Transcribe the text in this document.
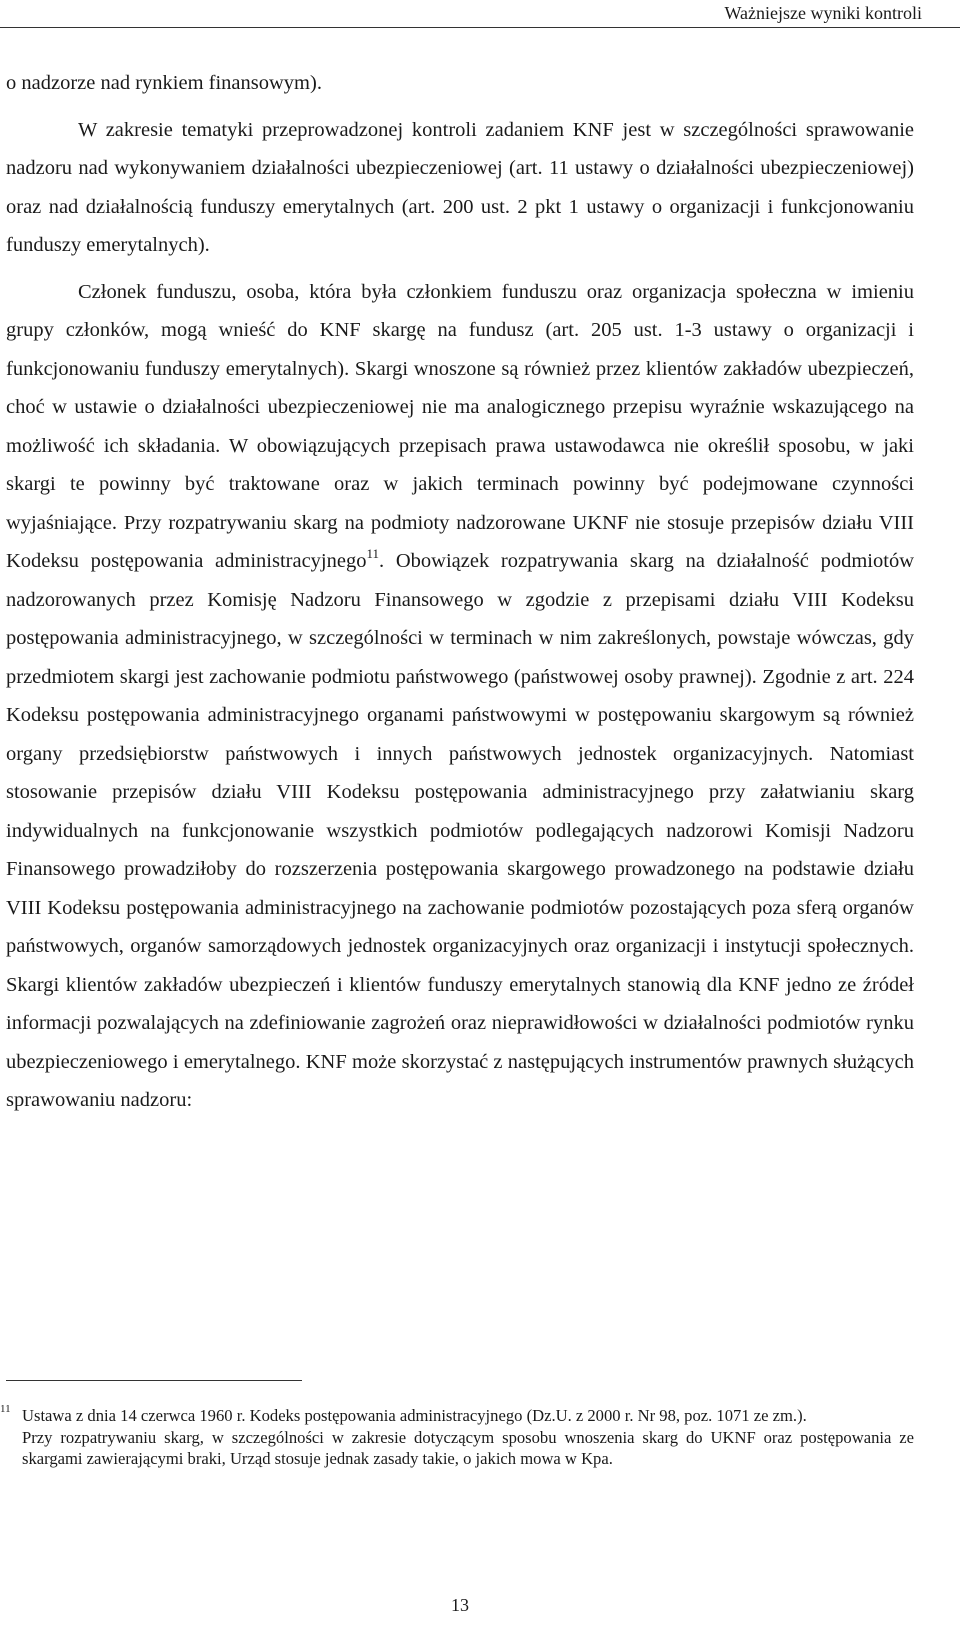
Ważniejsze wyniki kontroli

o nadzorze nad rynkiem finansowym).

W zakresie tematyki przeprowadzonej kontroli zadaniem KNF jest w szczególności sprawowanie nadzoru nad wykonywaniem działalności ubezpieczeniowej (art. 11 ustawy o działalności ubezpieczeniowej) oraz nad działalnością funduszy emerytalnych (art. 200 ust. 2 pkt 1 ustawy o organizacji i funkcjonowaniu funduszy emerytalnych).

Członek funduszu, osoba, która była członkiem funduszu oraz organizacja społeczna w imieniu grupy członków, mogą wnieść do KNF skargę na fundusz (art. 205 ust. 1-3 ustawy o organizacji i funkcjonowaniu funduszy emerytalnych). Skargi wnoszone są również przez klientów zakładów ubezpieczeń, choć w ustawie o działalności ubezpieczeniowej nie ma analogicznego przepisu wyraźnie wskazującego na możliwość ich składania. W obowiązujących przepisach prawa ustawodawca nie określił sposobu, w jaki skargi te powinny być traktowane oraz w jakich terminach powinny być podejmowane czynności wyjaśniające. Przy rozpatrywaniu skarg na podmioty nadzorowane UKNF nie stosuje przepisów działu VIII Kodeksu postępowania administracyjnego$^{11}$. Obowiązek rozpatrywania skarg na działalność podmiotów nadzorowanych przez Komisję Nadzoru Finansowego w zgodzie z przepisami działu VIII Kodeksu postępowania administracyjnego, w szczególności w terminach w nim zakreślonych, powstaje wówczas, gdy przedmiotem skargi jest zachowanie podmiotu państwowego (państwowej osoby prawnej). Zgodnie z art. 224 Kodeksu postępowania administracyjnego organami państwowymi w postępowaniu skargowym są również organy przedsiębiorstw państwowych i innych państwowych jednostek organizacyjnych. Natomiast stosowanie przepisów działu VIII Kodeksu postępowania administracyjnego przy załatwianiu skarg indywidualnych na funkcjonowanie wszystkich podmiotów podlegających nadzorowi Komisji Nadzoru Finansowego prowadziłoby do rozszerzenia postępowania skargowego prowadzonego na podstawie działu VIII Kodeksu postępowania administracyjnego na zachowanie podmiotów pozostających poza sferą organów państwowych, organów samorządowych jednostek organizacyjnych oraz organizacji i instytucji społecznych. Skargi klientów zakładów ubezpieczeń i klientów funduszy emerytalnych stanowią dla KNF jedno ze źródeł informacji pozwalających na zdefiniowanie zagrożeń oraz nieprawidłowości w działalności podmiotów rynku ubezpieczeniowego i emerytalnego. KNF może skorzystać z następujących instrumentów prawnych służących sprawowaniu nadzoru:

11 Ustawa z dnia 14 czerwca 1960 r. Kodeks postępowania administracyjnego (Dz.U. z 2000 r. Nr 98, poz. 1071 ze zm.).

Przy rozpatrywaniu skarg, w szczególności w zakresie dotyczącym sposobu wnoszenia skarg do UKNF oraz postępowania ze skargami zawierającymi braki, Urząd stosuje jednak zasady takie, o jakich mowa w Kpa.

13
